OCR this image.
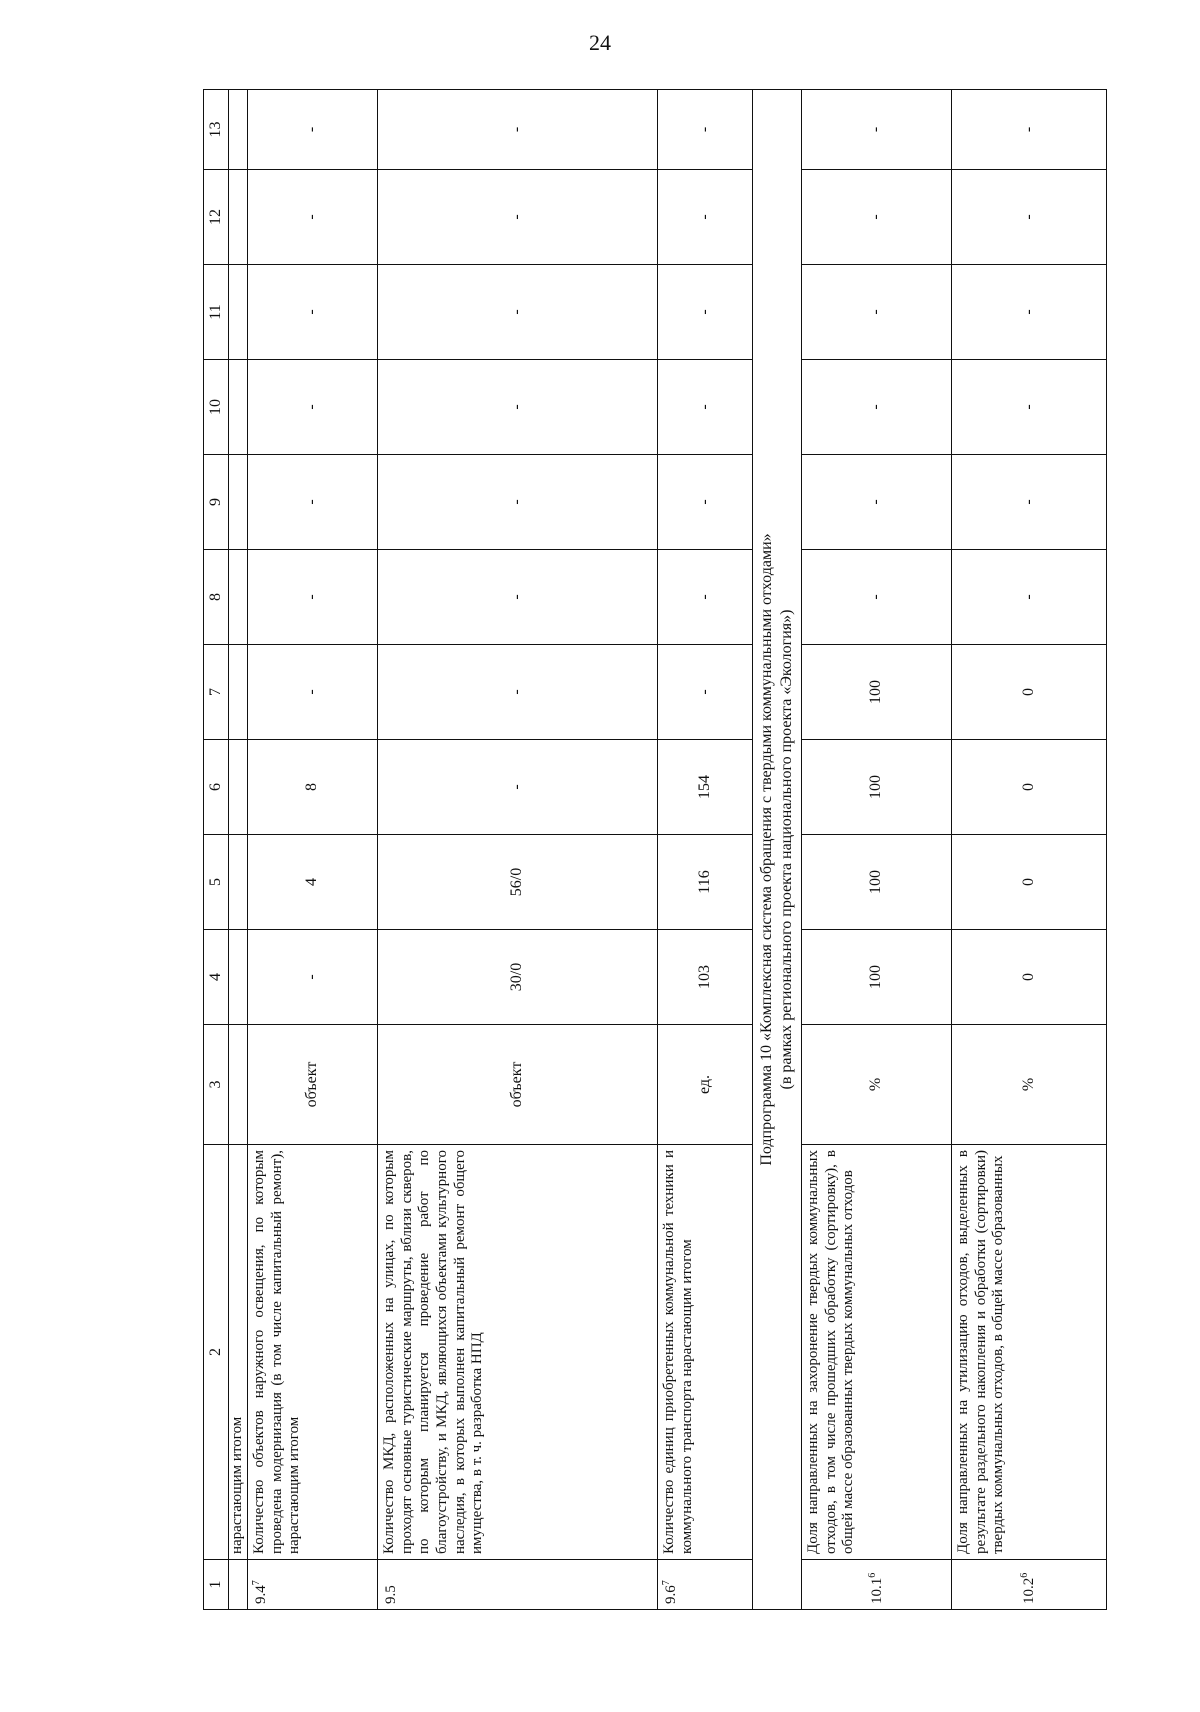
24
1	2	3	4	5	6	7	8	9	10	11	12	13
	нарастающим итогом											
$9.4^7$	Количество объектов наружного освещения, по которым проведена модернизация (в том числе капитальный ремонт), нарастающим итогом	объект	-	4	8	-	-	-	-	-	-	-
9.5	Количество МКД, расположенных на улицах, по которым проходят основные туристические маршруты, вблизи скверов, по которым планируется проведение работ по благоустройству, и МКД, являющихся объектами культурного наследия, в которых выполнен капитальный ремонт общего имущества, в т. ч. разработка НПД	объект	30/0	56/0	-	-	-	-	-	-	-	-
$9.6^7$	Количество единиц приобретенных коммунальной техники и коммунального транспорта нарастающим итогом	ед.	103	116	154	-	-	-	-	-	-	-

Подпрограмма 10 «Комплексная система обращения с твердыми коммунальными отходами» (в рамках регионального проекта национального проекта «Экология»)												

10.1$^6$	Доля направленных на захоронение твердых коммунальных отходов, в том числе прошедших обработку (сортировку), в общей массе образованных твердых коммунальных отходов	%	100	100	100	100	-	-	-	-	-	-
10.2$^6$	Доля направленных на утилизацию отходов, выделенных в результате раздельного накопления и обработки (сортировки) твердых коммунальных отходов, в общей массе образованных	%	0	0	0	0	-	-	-	-	-	-
